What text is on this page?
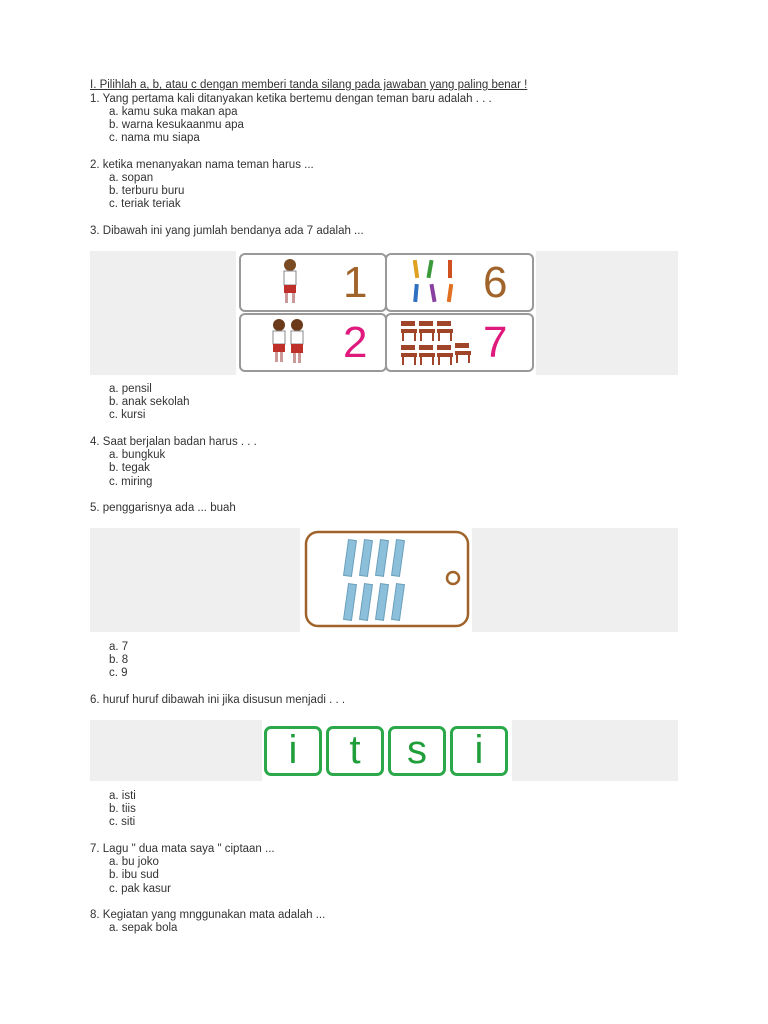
I. Pilihlah a, b, atau c dengan memberi tanda silang pada jawaban yang paling benar !
1. Yang pertama kali ditanyakan ketika bertemu dengan teman baru adalah . . .
a. kamu suka makan apa
b. warna kesukaanmu apa
c. nama mu siapa
2. ketika menanyakan nama teman harus ...
a. sopan
b. terburu buru
c. teriak teriak
3. Dibawah ini yang jumlah bendanya ada 7 adalah ...
1	6
2	7
a. pensil
b. anak sekolah
c. kursi
4. Saat berjalan badan harus . . .
a. bungkuk
b. tegak
c. miring
5. penggarisnya ada ... buah
a. 7
b. 8
c. 9
6. huruf huruf dibawah ini jika disusun menjadi . . .
i	t	s	i
a. isti
b. tiis
c. siti
7. Lagu " dua mata saya " ciptaan ...
a. bu joko
b. ibu sud
c. pak kasur
8. Kegiatan yang mnggunakan mata adalah ...
a. sepak bola
